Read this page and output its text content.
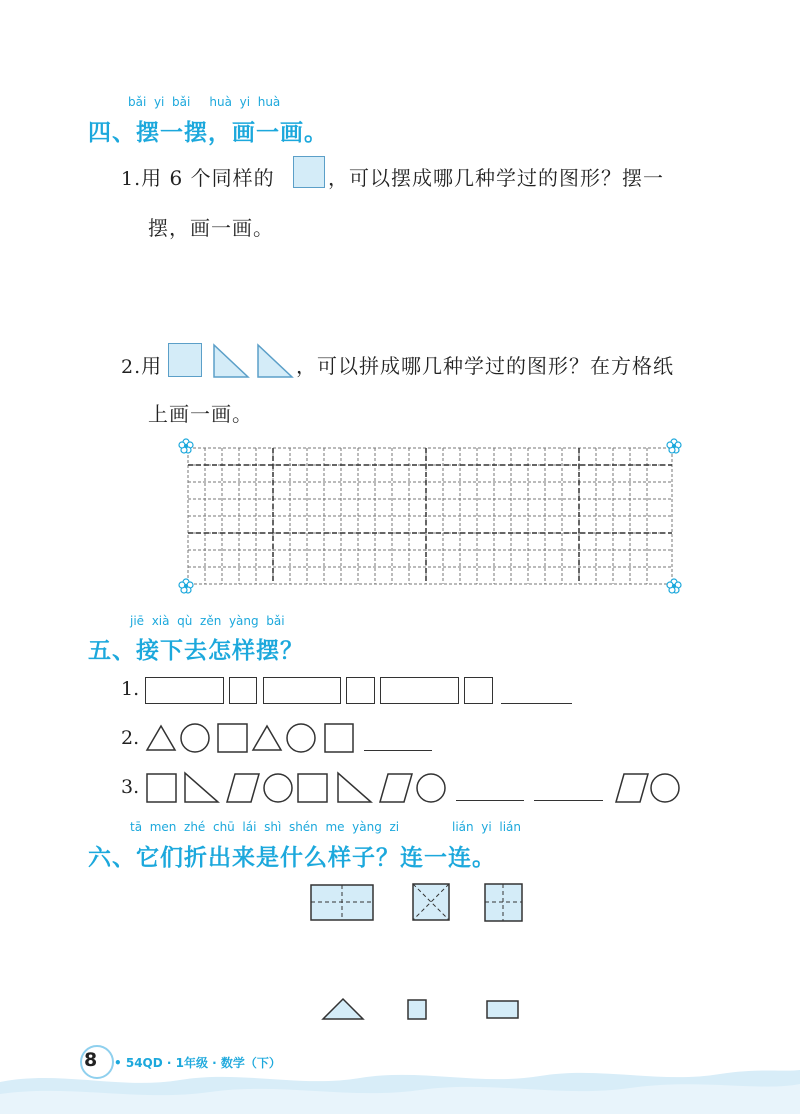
bǎi yi bǎi huà yi huà
四、摆一摆，画一画。
1.用 6 个同样的	，可以摆成哪几种学过的图形？摆一
摆，画一画。
2.用	，可以拼成哪几种学过的图形？在方格纸
上画一画。
jiē xià qù zěn yàng bǎi
五、接下去怎样摆？
1.
2.
3.
tā men zhé chū lái shì shén me yàng zi	lián yi lián
六、它们折出来是什么样子？连一连。
8 • 54QD · 1年级 · 数学（下）
